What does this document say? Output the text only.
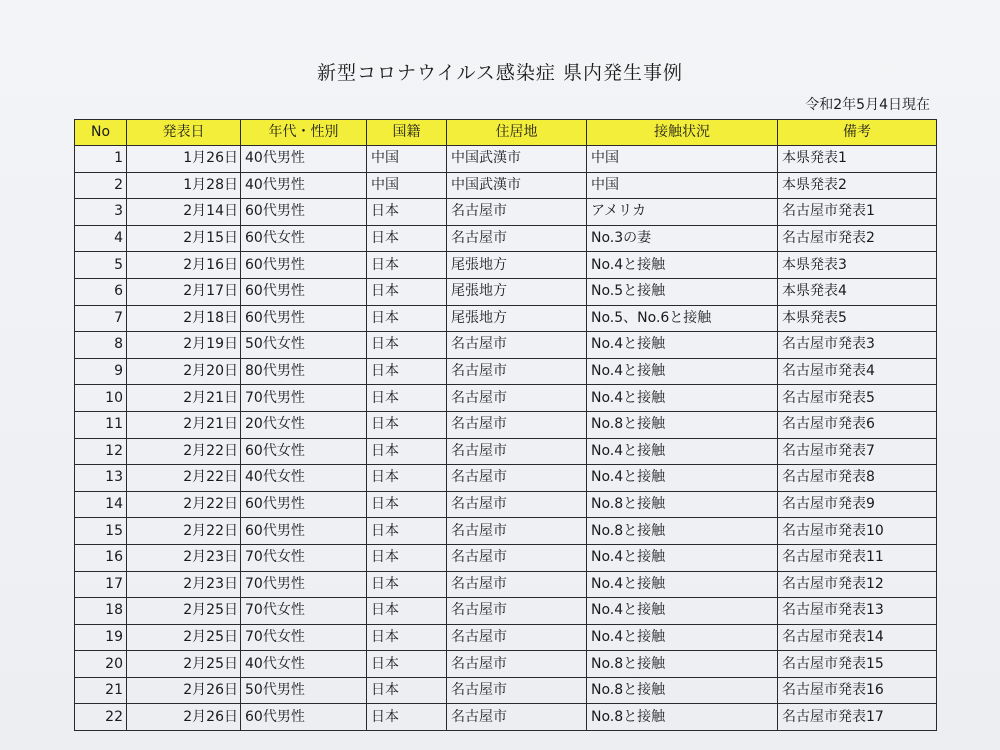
新型コロナウイルス感染症 県内発生事例
令和2年5月4日現在
No	発表日	年代・性別	国籍	住居地	接触状況	備考
1	1月26日	40代男性	中国	中国武漢市	中国	本県発表1
2	1月28日	40代男性	中国	中国武漢市	中国	本県発表2
3	2月14日	60代男性	日本	名古屋市	アメリカ	名古屋市発表1
4	2月15日	60代女性	日本	名古屋市	No.3の妻	名古屋市発表2
5	2月16日	60代男性	日本	尾張地方	No.4と接触	本県発表3
6	2月17日	60代男性	日本	尾張地方	No.5と接触	本県発表4
7	2月18日	60代男性	日本	尾張地方	No.5、No.6と接触	本県発表5
8	2月19日	50代女性	日本	名古屋市	No.4と接触	名古屋市発表3
9	2月20日	80代男性	日本	名古屋市	No.4と接触	名古屋市発表4
10	2月21日	70代男性	日本	名古屋市	No.4と接触	名古屋市発表5
11	2月21日	20代女性	日本	名古屋市	No.8と接触	名古屋市発表6
12	2月22日	60代女性	日本	名古屋市	No.4と接触	名古屋市発表7
13	2月22日	40代女性	日本	名古屋市	No.4と接触	名古屋市発表8
14	2月22日	60代男性	日本	名古屋市	No.8と接触	名古屋市発表9
15	2月22日	60代男性	日本	名古屋市	No.8と接触	名古屋市発表10
16	2月23日	70代女性	日本	名古屋市	No.4と接触	名古屋市発表11
17	2月23日	70代男性	日本	名古屋市	No.4と接触	名古屋市発表12
18	2月25日	70代女性	日本	名古屋市	No.4と接触	名古屋市発表13
19	2月25日	70代女性	日本	名古屋市	No.4と接触	名古屋市発表14
20	2月25日	40代女性	日本	名古屋市	No.8と接触	名古屋市発表15
21	2月26日	50代男性	日本	名古屋市	No.8と接触	名古屋市発表16
22	2月26日	60代男性	日本	名古屋市	No.8と接触	名古屋市発表17
